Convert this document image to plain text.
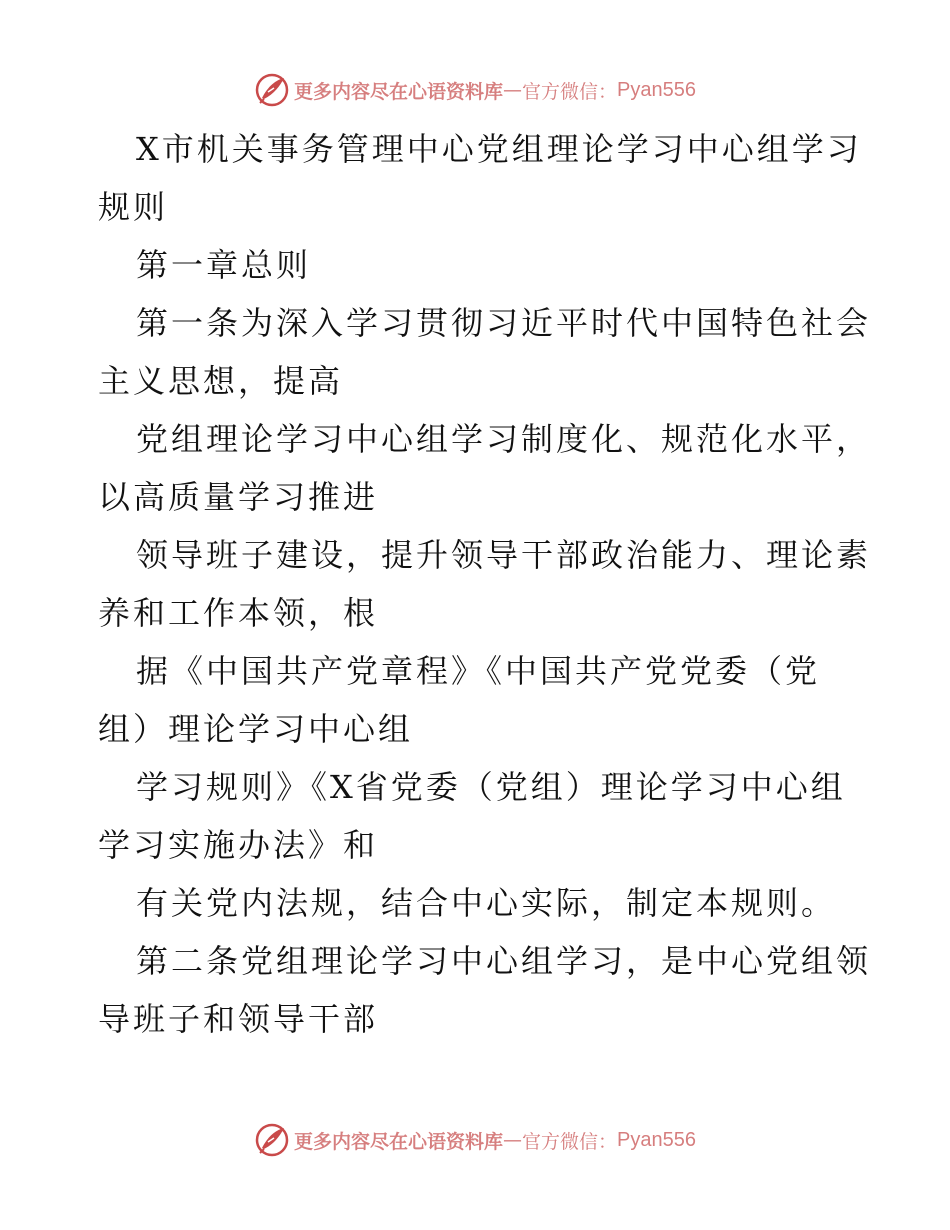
更多内容尽在心语资料库 — 官方微信： Pyan556
X市机关事务管理中心党组理论学习中心组学习
规则
第一章总则
第一条为深入学习贯彻习近平时代中国特色社会
主义思想，提高
党组理论学习中心组学习制度化、规范化水平，
以高质量学习推进
领导班子建设，提升领导干部政治能力、理论素
养和工作本领，根
据《中国共产党章程》《中国共产党党委（党
组）理论学习中心组
学习规则》《X省党委（党组）理论学习中心组
学习实施办法》和
有关党内法规，结合中心实际，制定本规则。
第二条党组理论学习中心组学习，是中心党组领
导班子和领导干部
更多内容尽在心语资料库 — 官方微信： Pyan556
